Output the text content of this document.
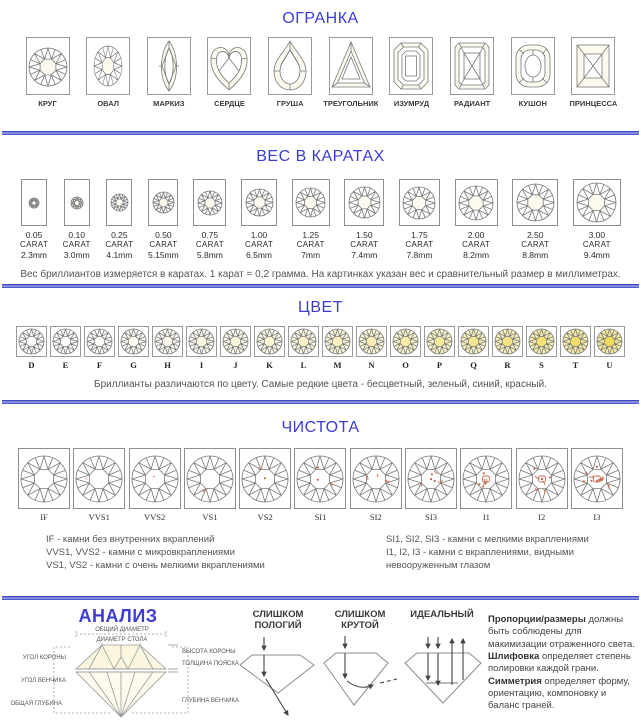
ОГРАНКА
КРУГ	ОВАЛ	МАРКИЗ	СЕРДЦЕ	ГРУША	ТРЕУГОЛЬНИК ИЗУМРУД	РАДИАНТ	КУШОН	ПРИНЦЕССА
ВЕС В КАРАТАХ
0.05
CARAT
2.3mm
0.10
CARAT
3.0mm
0.25
CARAT
4.1mm
0.50
CARAT
5.15mm
0.75
CARAT
5.8mm
1.00
CARAT
6.5mm
1.25
CARAT
7mm
1.50
CARAT
7.4mm
1.75
CARAT
7.8mm
2.00
CARAT
8.2mm
2.50
CARAT
8.8mm
3.00
CARAT
9.4mm
Вес бриллиантов измеряется в каратах. 1 карат = 0,2 грамма. На картинках указан вес и сравнительный размер в миллиметрах.
ЦВЕТ
D	E	F	G	H	I	J	K	L	M	N	O	P	Q	R	S	T	U
Бриллианты различаются по цвету. Самые редкие цвета - бесцветный, зеленый, синий, красный.
ЧИСТОТА
IF	VVS1	VVS2	VS1	VS2	SI1	SI2	SI3	I1	I2	I3
IF - камни без внутренних вкраплений
VVS1, VVS2 - камни с микровкраплениями
VS1, VS2 - камни с очень мелкими вкраплениями
SI1, SI2, SI3 - камни с мелкими вкраплениями
I1, I2, I3 - камни с вкраплениями, видными
невооруженным глазом
АНАЛИЗ
ОБЩИЙ ДИАМЕТР
ДИАМЕТР СТОЛА
УГОЛ КОРОНЫ
УГОЛ ВЕНЧИКА
ОБЩАЯ ГЛУБИНА
ВЫСОТА КОРОНЫ
ТОЛЩИНА ПОЯСКА
ГЛУБИНА ВЕНЧИКА
СЛИШКОМ ПОЛОГИЙ
СЛИШКОМ КРУТОЙ
ИДЕАЛЬНЫЙ	Пропорции/размеры должны быть соблюдены для макимизации отраженного света. Шлифовка определяет степень полировки каждой грани. Симметрия определяет форму, ориентацию, компоновку и баланс граней.
